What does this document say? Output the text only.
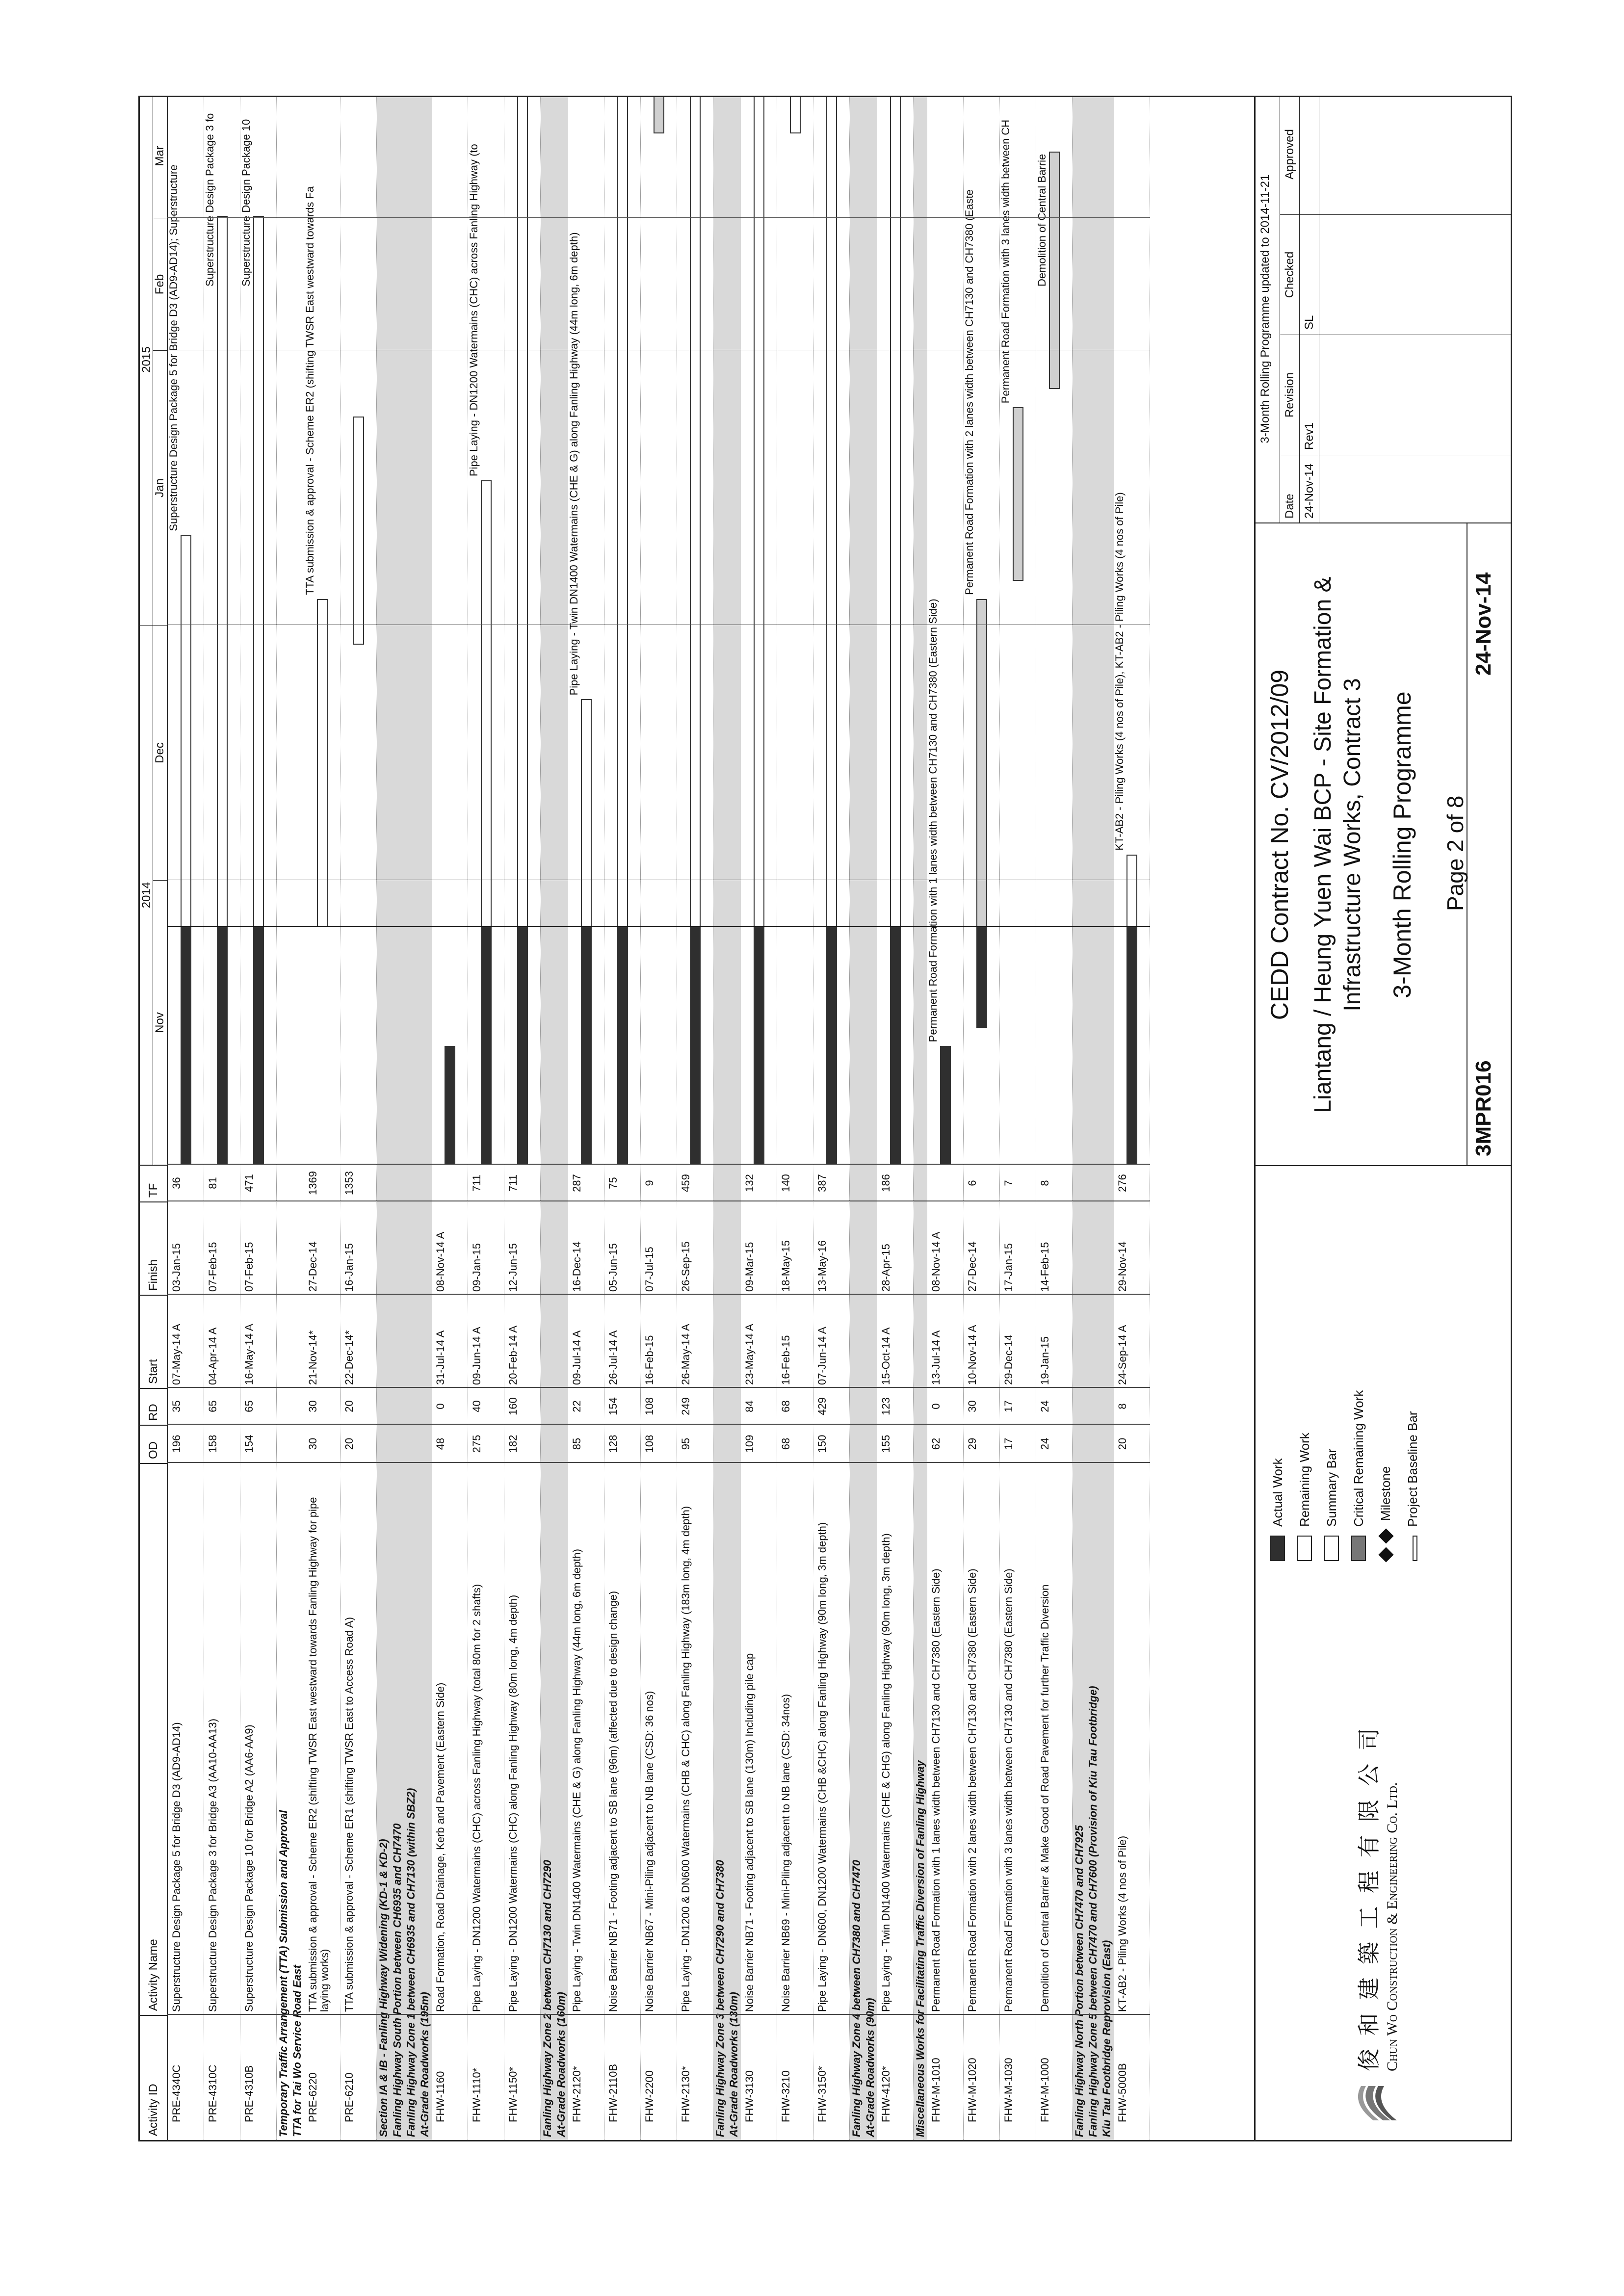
Activity ID
Activity Name
OD
RD
Start
Finish
TF
2014
2015
Nov
Dec
Jan
Feb
Mar
PRE-4340C
Superstructure Design Package 5 for Bridge D3 (AD9-AD14)
196
35
07-May-14 A
03-Jan-15
36
Superstructure Design Package 5 for Bridge D3 (AD9-AD14); Superstructure
PRE-4310C
Superstructure Design Package 3 for Bridge A3 (AA10-AA13)
158
65
04-Apr-14 A
07-Feb-15
81
Superstructure Design Package 3 fo
PRE-4310B
Superstructure Design Package 10 for Bridge A2 (AA6-AA9)
154
65
16-May-14 A
07-Feb-15
471
Superstructure Design Package 10
Temporary Traffic Arrangement (TTA) Submission and Approval TTA for Tai Wo Service Road East PRE-6220
TTA submission & approval - Scheme ER2 (shifting TWSR East westward towards Fanling Highway for pipe laying works)
30
30
21-Nov-14*
27-Dec-14
1369
TTA submission & approval - Scheme ER2 (shifting TWSR East westward towards Fa
PRE-6210
TTA submission & approval - Scheme ER1 (shifting TWSR East to Access Road A)
20
20
22-Dec-14*
16-Jan-15
1353
Section IA & IB - Fanling Highway Widening (KD-1 & KD-2) Fanling Highway South Portion between CH6935 and CH7470 Fanling Highway Zone 1 between CH6935 and CH7130 (within SBZ2) At-Grade Roadworks (195m) FHW-1160
Road Formation, Road Drainage, Kerb and Pavement (Eastern Side)
48
0
31-Jul-14 A
08-Nov-14 A
FHW-1110*
Pipe Laying - DN1200 Watermains (CHC) across Fanling Highway (total 80m for 2 shafts)
275
40
09-Jun-14 A
09-Jan-15
711
Pipe Laying - DN1200 Watermains (CHC) across Fanling Highway (to
FHW-1150*
Pipe Laying - DN1200 Watermains (CHC) along Fanling Highway (80m long, 4m depth)
182
160
20-Feb-14 A
12-Jun-15
711
Fanling Highway Zone 2 between CH7130 and CH7290 At-Grade Roadworks (160m) FHW-2120*
Pipe Laying - Twin DN1400 Watermains (CHE & G) along Fanling Highway (44m long, 6m depth)
85
22
09-Jul-14 A
16-Dec-14
287
Pipe Laying - Twin DN1400 Watermains (CHE & G) along Fanling Highway (44m long, 6m depth)
FHW-2110B
Noise Barrier NB71 - Footing adjacent to SB lane (96m) (affected due to design change)
128
154
26-Jul-14 A
05-Jun-15
75
FHW-2200
Noise Barrier NB67 - Mini-Piling adjacent to NB lane (CSD: 36 nos)
108
108
16-Feb-15
07-Jul-15
9
FHW-2130*
Pipe Laying - DN1200 & DN600 Watermains (CHB & CHC) along Fanling Highway (183m long, 4m depth)
95
249
26-May-14 A
26-Sep-15
459
Fanling Highway Zone 3 between CH7290 and CH7380 At-Grade Roadworks (130m) FHW-3130
Noise Barrier NB71 - Footing adjacent to SB lane (130m) Including pile cap
109
84
23-May-14 A
09-Mar-15
132
FHW-3210
Noise Barrier NB69 - Mini-Piling adjacent to NB lane (CSD: 34nos)
68
68
16-Feb-15
18-May-15
140
FHW-3150*
Pipe Laying - DN600, DN1200 Watermains (CHB &CHC) along Fanling Highway (90m long, 3m depth)
150
429
07-Jun-14 A
13-May-16
387
Fanling Highway Zone 4 between CH7380 and CH7470 At-Grade Roadworks (90m) FHW-4120*
Pipe Laying - Twin DN1400 Watermains (CHE & CHG) along Fanling Highway (90m long, 3m depth)
155
123
15-Oct-14 A
28-Apr-15
186
Miscellaneous Works for Facilitating Traffic Diversion of Fanling Highway FHW-M-1010
Permanent Road Formation with 1 lanes width between CH7130 and CH7380 (Eastern Side)
62
0
13-Jul-14 A
08-Nov-14 A
Permanent Road Formation with 1 lanes width between CH7130 and CH7380 (Eastern Side)
FHW-M-1020
Permanent Road Formation with 2 lanes width between CH7130 and CH7380 (Eastern Side)
29
30
10-Nov-14 A
27-Dec-14
6
Permanent Road Formation with 2 lanes width between CH7130 and CH7380 (Easte
FHW-M-1030
Permanent Road Formation with 3 lanes width between CH7130 and CH7380 (Eastern Side)
17
17
29-Dec-14
17-Jan-15
7
Permanent Road Formation with 3 lanes width between CH
FHW-M-1000
Demolition of Central Barrier & Make Good of Road Pavement for further Traffic Diversion
24
24
19-Jan-15
14-Feb-15
8
Demolition of Central Barrie
Fanling Highway North Portion between CH7470 and CH7925 Fanling Highway Zone 5 between CH7470 and CH7600 (Provision of Kiu Tau Footbridge) Kiu Tau Footbridge Reprovision (East) FHW-5000B
KT-AB2 - Piling Works (4 nos of Pile)
20
8
24-Sep-14 A
29-Nov-14
276
KT-AB2 - Piling Works (4 nos of Pile), KT-AB2 - Piling Works (4 nos of Pile)
俊 和 建 築 工 程 有 限 公 司 Chun Wo Construction & Engineering Co. Ltd.
Actual Work Remaining Work Summary Bar Critical Remaining Work Milestone Project Baseline Bar
CEDD Contract No. CV/2012/09 Liantang / Heung Yuen Wai BCP - Site Formation & Infrastructure Works, Contract 3 3-Month Rolling Programme
3MPR016
Page 2 of 8
24-Nov-14
3-Month Rolling Programme updated to 2014-11-21
Date
Revision
Checked
Approved
24-Nov-14
Rev1
SL
